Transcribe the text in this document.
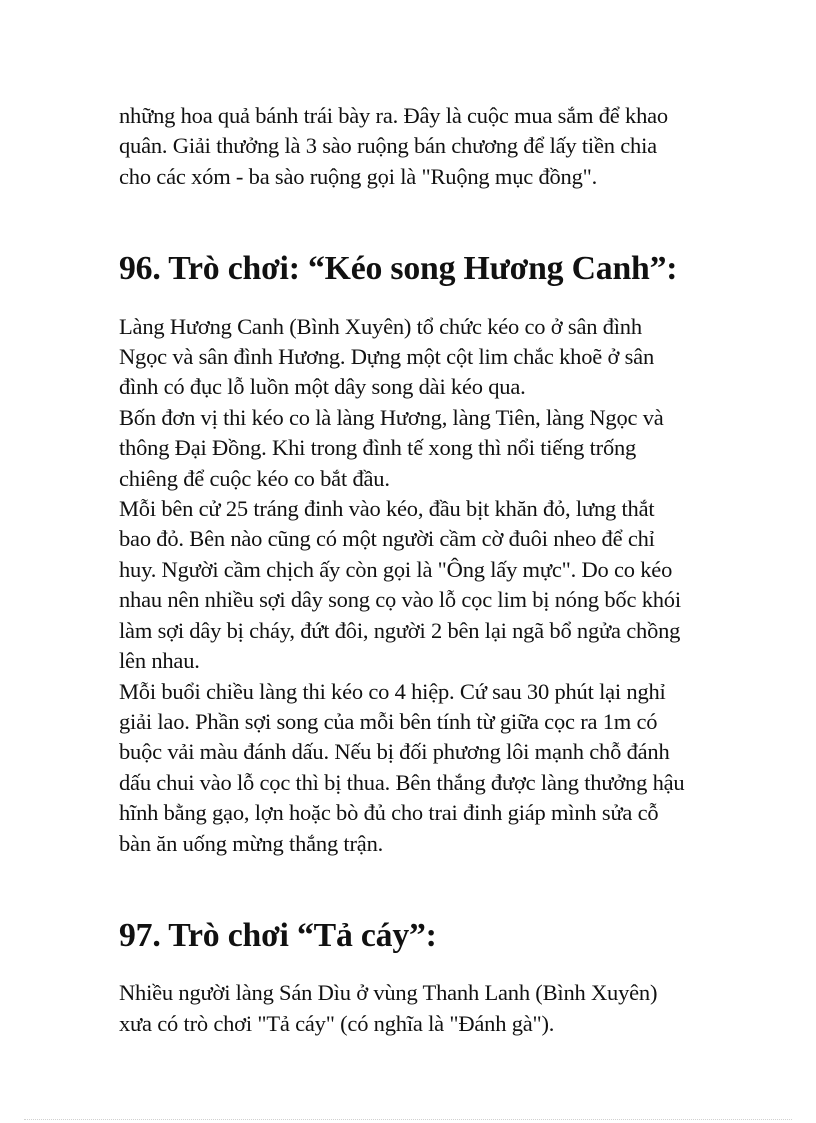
những hoa quả bánh trái bày ra. Đây là cuộc mua sắm để khao
quân. Giải thưởng là 3 sào ruộng bán chương để lấy tiền chia
cho các xóm - ba sào ruộng gọi là "Ruộng mục đồng".

96. Trò chơi: “Kéo song Hương Canh”:

Làng Hương Canh (Bình Xuyên) tổ chức kéo co ở sân đình
Ngọc và sân đình Hương. Dựng một cột lim chắc khoẽ ở sân
đình có đục lỗ luồn một dây song dài kéo qua.
Bốn đơn vị thi kéo co là làng Hương, làng Tiên, làng Ngọc và
thông Đại Đồng. Khi trong đình tế xong thì nổi tiếng trống
chiêng để cuộc kéo co bắt đầu.
Mỗi bên cử 25 tráng đinh vào kéo, đầu bịt khăn đỏ, lưng thắt
bao đỏ. Bên nào cũng có một người cầm cờ đuôi nheo để chỉ
huy. Người cầm chịch ấy còn gọi là "Ông lấy mực". Do co kéo
nhau nên nhiều sợi dây song cọ vào lỗ cọc lim bị nóng bốc khói
làm sợi dây bị cháy, đứt đôi, người 2 bên lại ngã bổ ngửa chồng
lên nhau.
Mỗi buổi chiều làng thi kéo co 4 hiệp. Cứ sau 30 phút lại nghỉ
giải lao. Phần sợi song của mỗi bên tính từ giữa cọc ra 1m có
buộc vải màu đánh dấu. Nếu bị đối phương lôi mạnh chỗ đánh
dấu chui vào lỗ cọc thì bị thua. Bên thắng được làng thưởng hậu
hĩnh bằng gạo, lợn hoặc bò đủ cho trai đinh giáp mình sửa cỗ
bàn ăn uống mừng thắng trận.

97. Trò chơi “Tả cáy”:

Nhiều người làng Sán Dìu ở vùng Thanh Lanh (Bình Xuyên)
xưa có trò chơi "Tả cáy" (có nghĩa là "Đánh gà").
